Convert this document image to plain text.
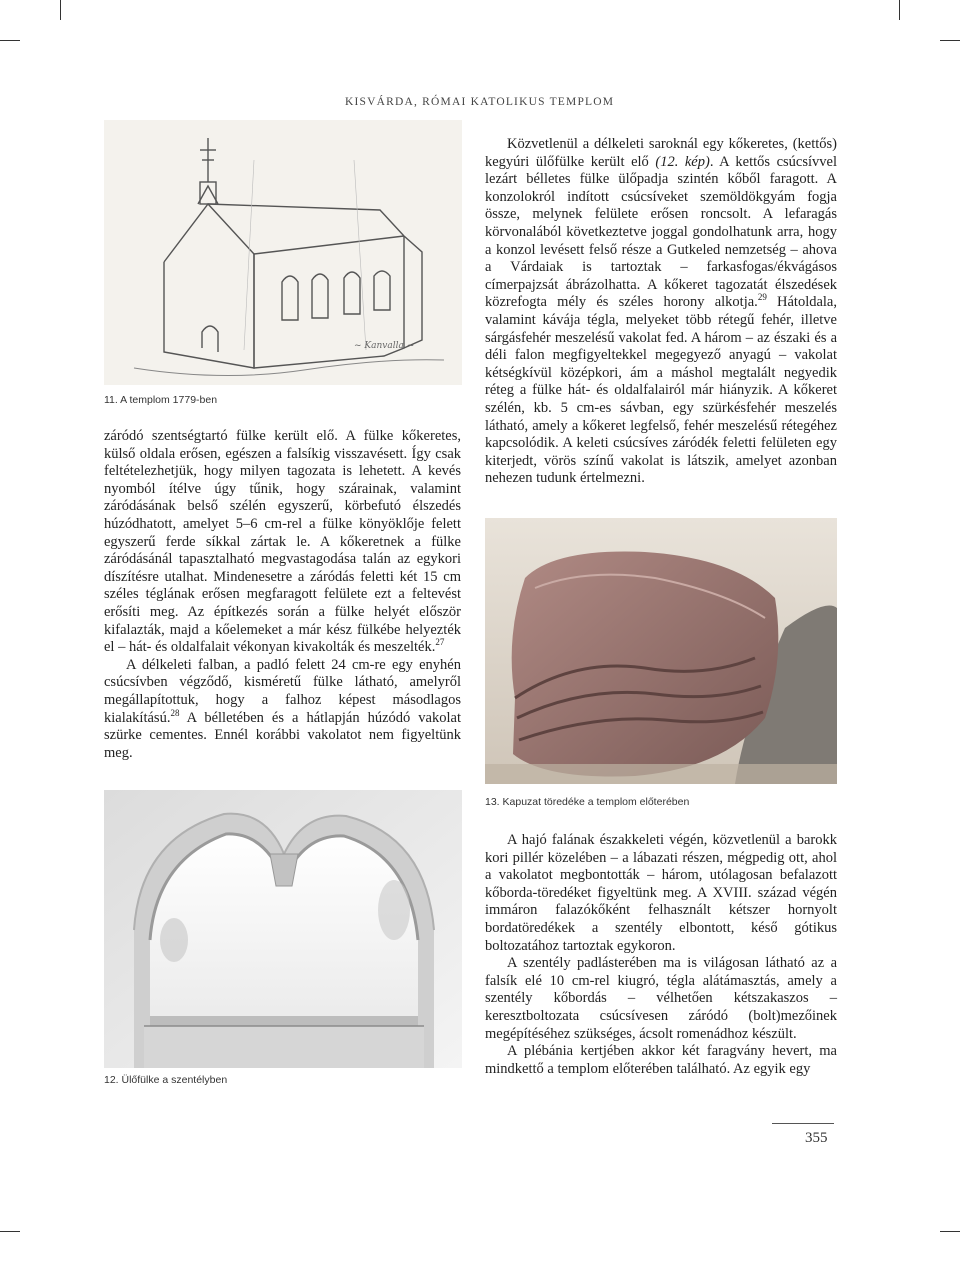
KISVÁRDA, RÓMAI KATOLIKUS TEMPLOM
~ Kanvalla ~
11. A templom 1779-ben

záródó szentségtartó fülke került elő. A fülke kőkeretes, külső oldala erősen, egészen a falsíkig visszavésett. Így csak feltételezhetjük, hogy milyen tagozata is lehetett. A kevés nyomból ítélve úgy tűnik, hogy szárainak, valamint záródásának belső szélén egyszerű, körbefutó élszedés húzódhatott, amelyet 5–6 cm-rel a fülke könyöklője felett egyszerű ferde síkkal zártak le. A kőkeretnek a fülke záródásánál tapasztalható megvastagodása talán az egykori díszítésre utalhat. Mindenesetre a záródás feletti két 15 cm széles téglának erősen megfaragott felülete ezt a feltevést erősíti meg. Az építkezés során a fülke helyét először kifalazták, majd a kőelemeket a már kész fülkébe helyezték el – hát- és oldalfalait vékonyan kivakolták és meszelték.$^{27}$

A délkeleti falban, a padló felett 24 cm-re egy enyhén csúcsívben végződő, kisméretű fülke látható, amelyről megállapítottuk, hogy a falhoz képest másodlagos kialakítású.$^{28}$ A bélletében és a hátlapján húzódó vakolat szürke cementes. Ennél korábbi vakolatot nem figyeltünk meg.

12. Ülőfülke a szentélyben

Közvetlenül a délkeleti saroknál egy kőkeretes, (kettős) kegyúri ülőfülke került elő (12. kép). A kettős csúcsívvel lezárt bélletes fülke ülőpadja szintén kőből faragott. A konzolokról indított csúcsíveket szemöldökgyám fogja össze, melynek felülete erősen roncsolt. A lefaragás körvonalából következtetve joggal gondolhatunk arra, hogy a konzol levésett felső része a Gutkeled nemzetség – ahova a Várdaiak is tartoztak – farkasfogas/ékvágásos címerpajzsát ábrázolhatta. A kőkeret tagozatát élszedések közrefogta mély és széles horony alkotja.$^{29}$ Hátoldala, valamint kávája tégla, melyeket több rétegű fehér, illetve sárgásfehér meszelésű vakolat fed. A három – az északi és a déli falon megfigyeltekkel megegyező anyagú – vakolat kétségkívül középkori, ám a máshol megtalált negyedik réteg a fülke hát- és oldalfalairól már hiányzik. A kőkeret szélén, kb. 5 cm-es sávban, egy szürkésfehér meszelés látható, amely a kőkeret legfelső, fehér meszelésű rétegéhez kapcsolódik. A keleti csúcsíves záródék feletti felületen egy kiterjedt, vörös színű vakolat is látszik, amelyet azonban nehezen tudunk értelmezni.

13. Kapuzat töredéke a templom előterében

A hajó falának északkeleti végén, közvetlenül a barokk kori pillér közelében – a lábazati részen, mégpedig ott, ahol a vakolatot megbontották – három, utólagosan befalazott kőborda-töredéket figyeltünk meg. A XVIII. század végén immáron falazókőként felhasznált kétszer hornyolt bordatöredékek a szentély elbontott, késő gótikus boltozatához tartoztak egykoron.

A szentély padlásterében ma is világosan látható az a falsík elé 10 cm-rel kiugró, tégla alátámasztás, amely a szentély kőbordás – vélhetően kétszakaszos – keresztboltozata csúcsívesen záródó (bolt)mezőinek megépítéséhez szükséges, ácsolt romenádhoz készült.

A plébánia kertjében akkor két faragvány hevert, ma mindkettő a templom előterében található. Az egyik egy

355
